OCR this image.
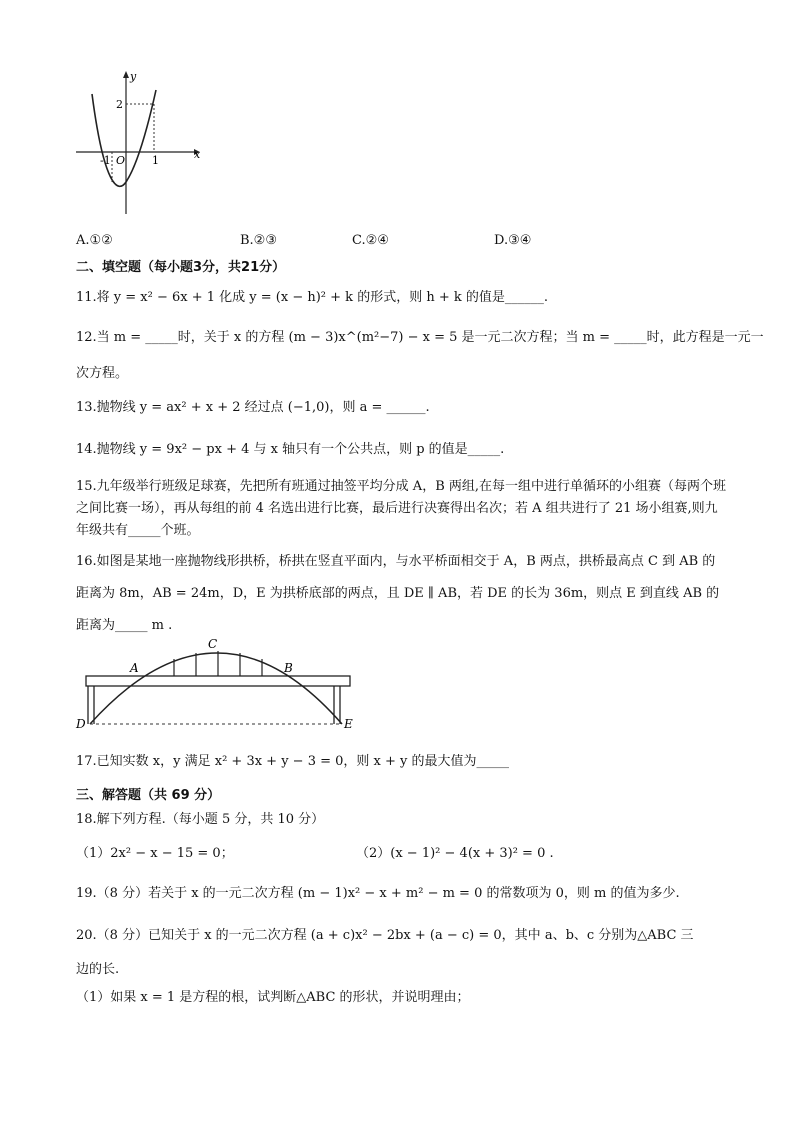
x
y
2
-1 O 1
A.①②	B.②③	C.②④	D.③④
二、填空题（每小题3分，共21分）
11.将 y = x² − 6x + 1 化成 y = (x − h)² + k 的形式，则 h + k 的值是______.
12.当 m = _____时，关于 x 的方程 (m − 3)x^(m²−7) − x = 5 是一元二次方程；当 m = _____时，此方程是一元一
次方程。
13.抛物线 y = ax² + x + 2 经过点 (−1,0)，则 a = ______.
14.抛物线 y = 9x² − px + 4 与 x 轴只有一个公共点，则 p 的值是_____.
15.九年级举行班级足球赛，先把所有班通过抽签平均分成 A，B 两组,在每一组中进行单循环的小组赛（每两个班之间比赛一场），再从每组的前 4 名选出进行比赛，最后进行决赛得出名次；若 A 组共进行了 21 场小组赛,则九年级共有_____个班。
16.如图是某地一座抛物线形拱桥，桥拱在竖直平面内，与水平桥面相交于 A，B 两点，拱桥最高点 C 到 AB 的距离为 8m，AB = 24m，D，E 为拱桥底部的两点，且 DE ∥ AB，若 DE 的长为 36m，则点 E 到直线 AB 的距离为_____ m .
A	B
C
D	E
17.已知实数 x，y 满足 x² + 3x + y − 3 = 0，则 x + y 的最大值为_____
三、解答题（共 69 分）
18.解下列方程.（每小题 5 分，共 10 分）
（1）2x² − x − 15 = 0；	（2）(x − 1)² − 4(x + 3)² = 0 .
19.（8 分）若关于 x 的一元二次方程 (m − 1)x² − x + m² − m = 0 的常数项为 0，则 m 的值为多少.
20.（8 分）已知关于 x 的一元二次方程 (a + c)x² − 2bx + (a − c) = 0，其中 a、b、c 分别为△ABC 三
边的长.
（1）如果 x = 1 是方程的根，试判断△ABC 的形状，并说明理由；
